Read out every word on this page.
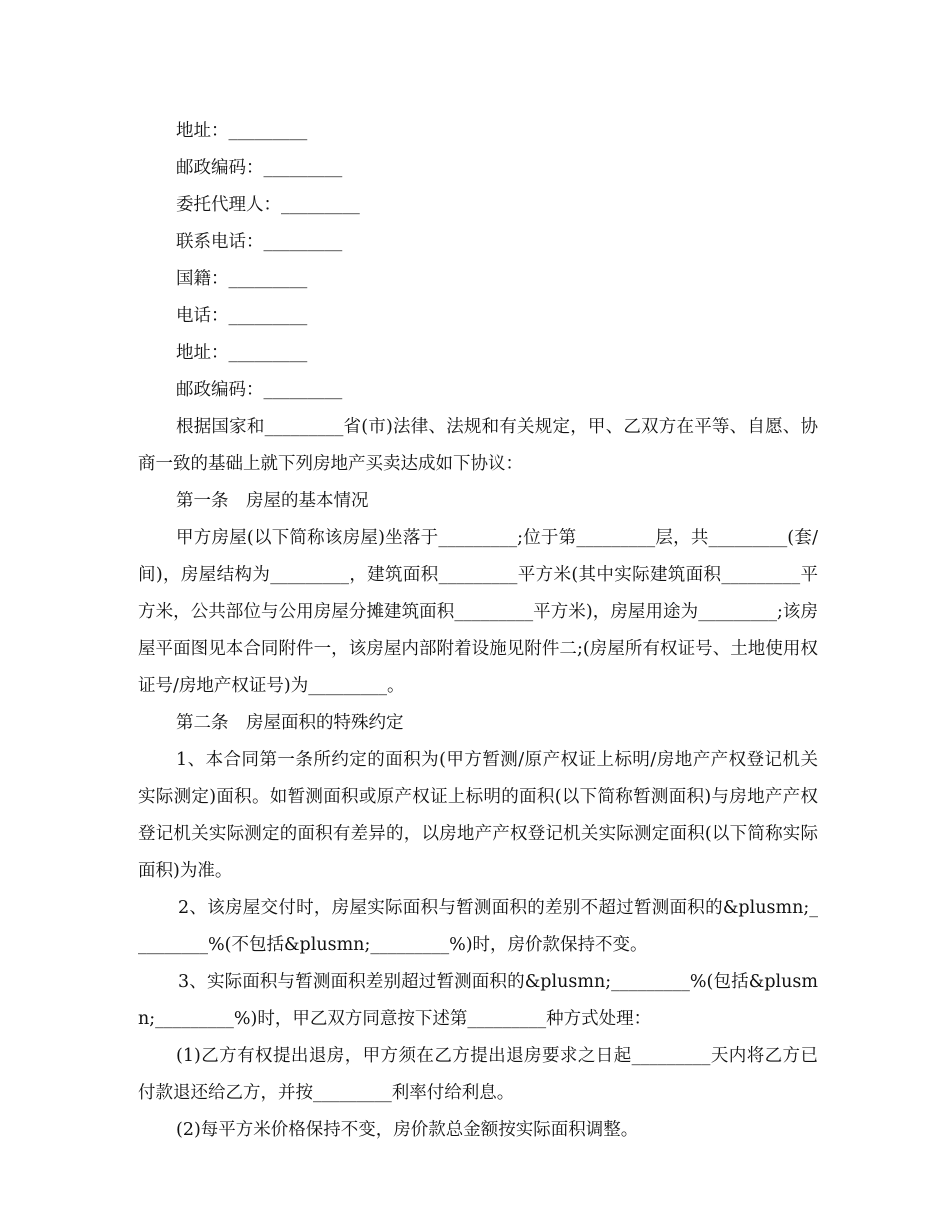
地址：_________

邮政编码：_________

委托代理人：_________

联系电话：_________

国籍：_________

电话：_________

地址：_________

邮政编码：_________

根据国家和_________省(市)法律、法规和有关规定，甲、乙双方在平等、自愿、协商一致的基础上就下列房地产买卖达成如下协议：

第一条　房屋的基本情况

甲方房屋(以下简称该房屋)坐落于_________;位于第_________层，共_________(套/间)，房屋结构为_________，建筑面积_________平方米(其中实际建筑面积_________平方米，公共部位与公用房屋分摊建筑面积_________平方米)，房屋用途为_________;该房屋平面图见本合同附件一，该房屋内部附着设施见附件二;(房屋所有权证号、土地使用权证号/房地产权证号)为_________。

第二条　房屋面积的特殊约定

1、本合同第一条所约定的面积为(甲方暂测/原产权证上标明/房地产产权登记机关实际测定)面积。如暂测面积或原产权证上标明的面积(以下简称暂测面积)与房地产产权登记机关实际测定的面积有差异的，以房地产产权登记机关实际测定面积(以下简称实际面积)为准。

2、该房屋交付时，房屋实际面积与暂测面积的差别不超过暂测面积的&plusmn;_________%(不包括&plusmn;_________%)时，房价款保持不变。

3、实际面积与暂测面积差别超过暂测面积的&plusmn;_________%(包括&plusmn;_________%)时，甲乙双方同意按下述第_________种方式处理：

(1)乙方有权提出退房，甲方须在乙方提出退房要求之日起_________天内将乙方已付款退还给乙方，并按_________利率付给利息。

(2)每平方米价格保持不变，房价款总金额按实际面积调整。
